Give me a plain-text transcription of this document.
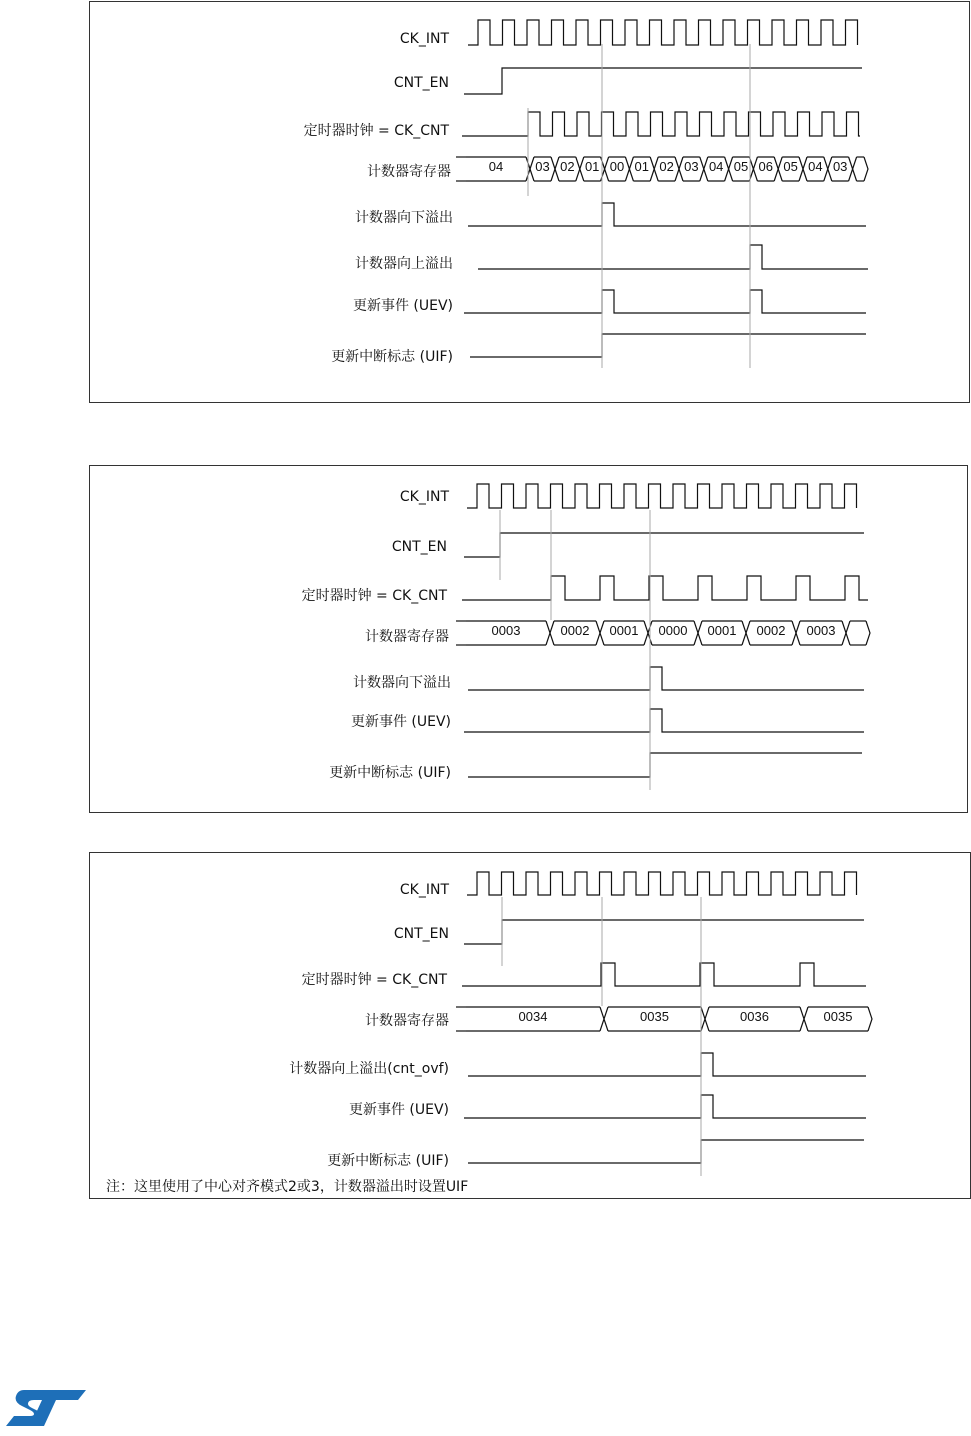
CK_INT
CNT_EN
定时器时钟 = CK_CNT
计数器寄存器
计数器向下溢出
计数器向上溢出
更新事件 (UEV)
更新中断标志 (UIF)
CK_INT
CNT_EN
定时器时钟 = CK_CNT
计数器寄存器
计数器向下溢出
更新事件 (UEV)
更新中断标志 (UIF)
CK_INT
CNT_EN
定时器时钟 = CK_CNT
计数器寄存器
计数器向上溢出(cnt_ovf)
更新事件 (UEV)
更新中断标志 (UIF)
注：这里使用了中心对齐模式2或3，计数器溢出时设置UIF
04	03 02 01 00 01 02 03 04 05 06 05 04 03
0003	0002	0001	0000	0001	0002	0003
0034	0035	0036	0035
